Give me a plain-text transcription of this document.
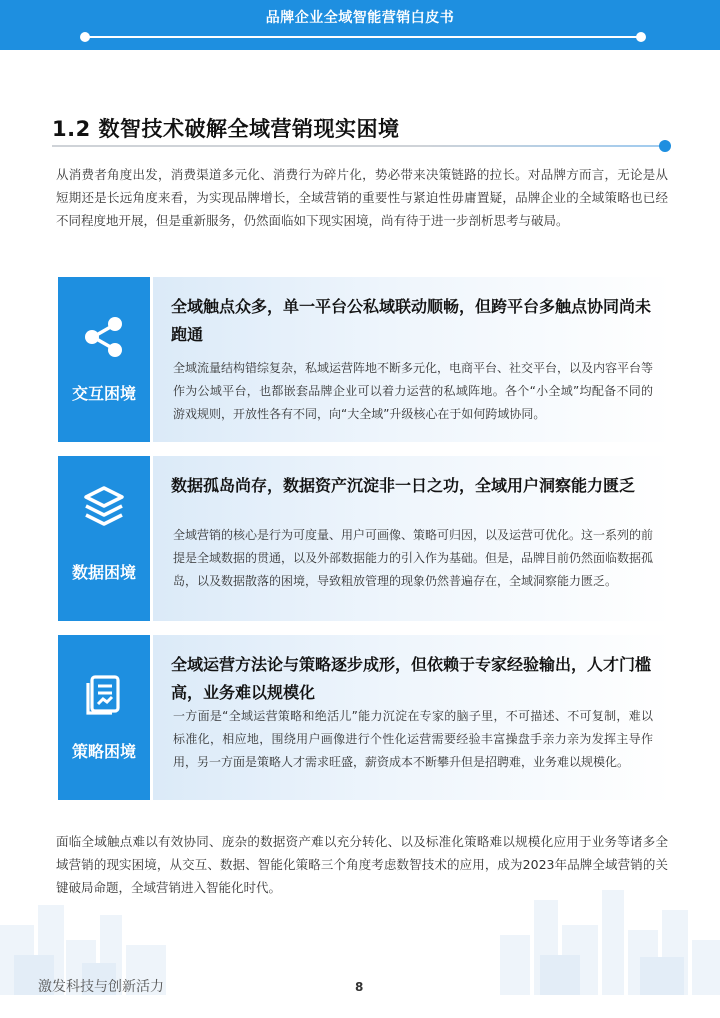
品牌企业全域智能营销白皮书
1.2 数智技术破解全域营销现实困境

从消费者角度出发，消费渠道多元化、消费行为碎片化，势必带来决策链路的拉长。对品牌方而言，无论是从短期还是长远角度来看，为实现品牌增长，全域营销的重要性与紧迫性毋庸置疑，品牌企业的全域策略也已经不同程度地开展，但是重新服务，仍然面临如下现实困境，尚有待于进一步剖析思考与破局。

交互困境
全域触点众多，单一平台公私域联动顺畅，但跨平台多触点协同尚未跑通
全域流量结构错综复杂，私域运营阵地不断多元化，电商平台、社交平台，以及内容平台等作为公域平台，也都嵌套品牌企业可以着力运营的私域阵地。各个“小全域”均配备不同的游戏规则，开放性各有不同，向“大全域”升级核心在于如何跨域协同。
数据困境
数据孤岛尚存，数据资产沉淀非一日之功，全域用户洞察能力匮乏
全域营销的核心是行为可度量、用户可画像、策略可归因，以及运营可优化。这一系列的前提是全域数据的贯通，以及外部数据能力的引入作为基础。但是，品牌目前仍然面临数据孤岛，以及数据散落的困境，导致粗放管理的现象仍然普遍存在，全域洞察能力匮乏。
策略困境
全域运营方法论与策略逐步成形，但依赖于专家经验输出，人才门槛高，业务难以规模化
一方面是“全域运营策略和绝活儿”能力沉淀在专家的脑子里，不可描述、不可复制，难以标准化，相应地，围绕用户画像进行个性化运营需要经验丰富操盘手亲力亲为发挥主导作用，另一方面是策略人才需求旺盛，薪资成本不断攀升但是招聘难，业务难以规模化。

面临全域触点难以有效协同、庞杂的数据资产难以充分转化、以及标准化策略难以规模化应用于业务等诸多全域营销的现实困境，从交互、数据、智能化策略三个角度考虑数智技术的应用，成为2023年品牌全域营销的关键破局命题，全域营销进入智能化时代。

激发科技与创新活力	8
